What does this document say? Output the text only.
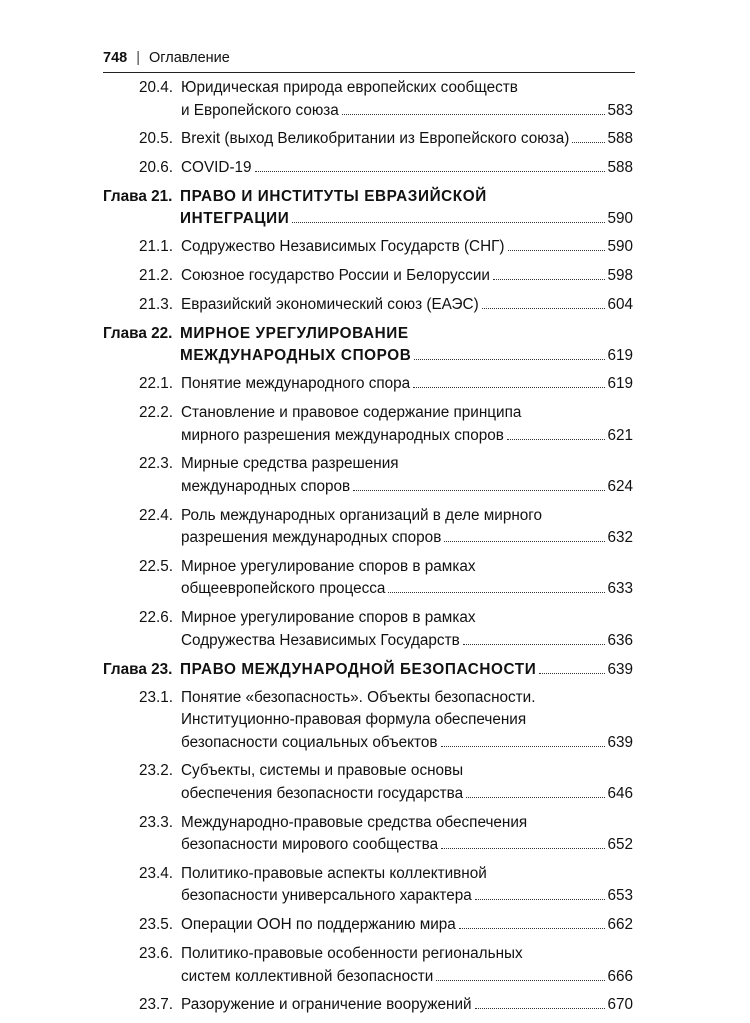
748 | Оглавление
20.4. Юридическая природа европейских сообществ
и Европейского союза	583
20.5. Brexit (выход Великобритании из Европейского союза) 588
20.6. COVID-19	588
Глава 21. ПРАВО И ИНСТИТУТЫ ЕВРАЗИЙСКОЙ
ИНТЕГРАЦИИ	590
21.1. Содружество Независимых Государств (СНГ)	590
21.2. Союзное государство России и Белоруссии	598
21.3. Евразийский экономический союз (ЕАЭС)	604
Глава 22. МИРНОЕ УРЕГУЛИРОВАНИЕ
МЕЖДУНАРОДНЫХ СПОРОВ	619
22.1. Понятие международного спора	619
22.2. Становление и правовое содержание принципа
мирного разрешения международных споров	621
22.3. Мирные средства разрешения
международных споров	624
22.4. Роль международных организаций в деле мирного
разрешения международных споров	632
22.5. Мирное урегулирование споров в рамках
общеевропейского процесса	633
22.6. Мирное урегулирование споров в рамках
Содружества Независимых Государств	636
Глава 23. ПРАВО МЕЖДУНАРОДНОЙ БЕЗОПАСНОСТИ	639
23.1. Понятие «безопасность». Объекты безопасности.
Институционно-правовая формула обеспечения
безопасности социальных объектов	639
23.2. Субъекты, системы и правовые основы
обеспечения безопасности государства	646
23.3. Международно-правовые средства обеспечения
безопасности мирового сообщества	652
23.4. Политико-правовые аспекты коллективной
безопасности универсального характера	653
23.5. Операции ООН по поддержанию мира	662
23.6. Политико-правовые особенности региональных
систем коллективной безопасности	666
23.7. Разоружение и ограничение вооружений	670
